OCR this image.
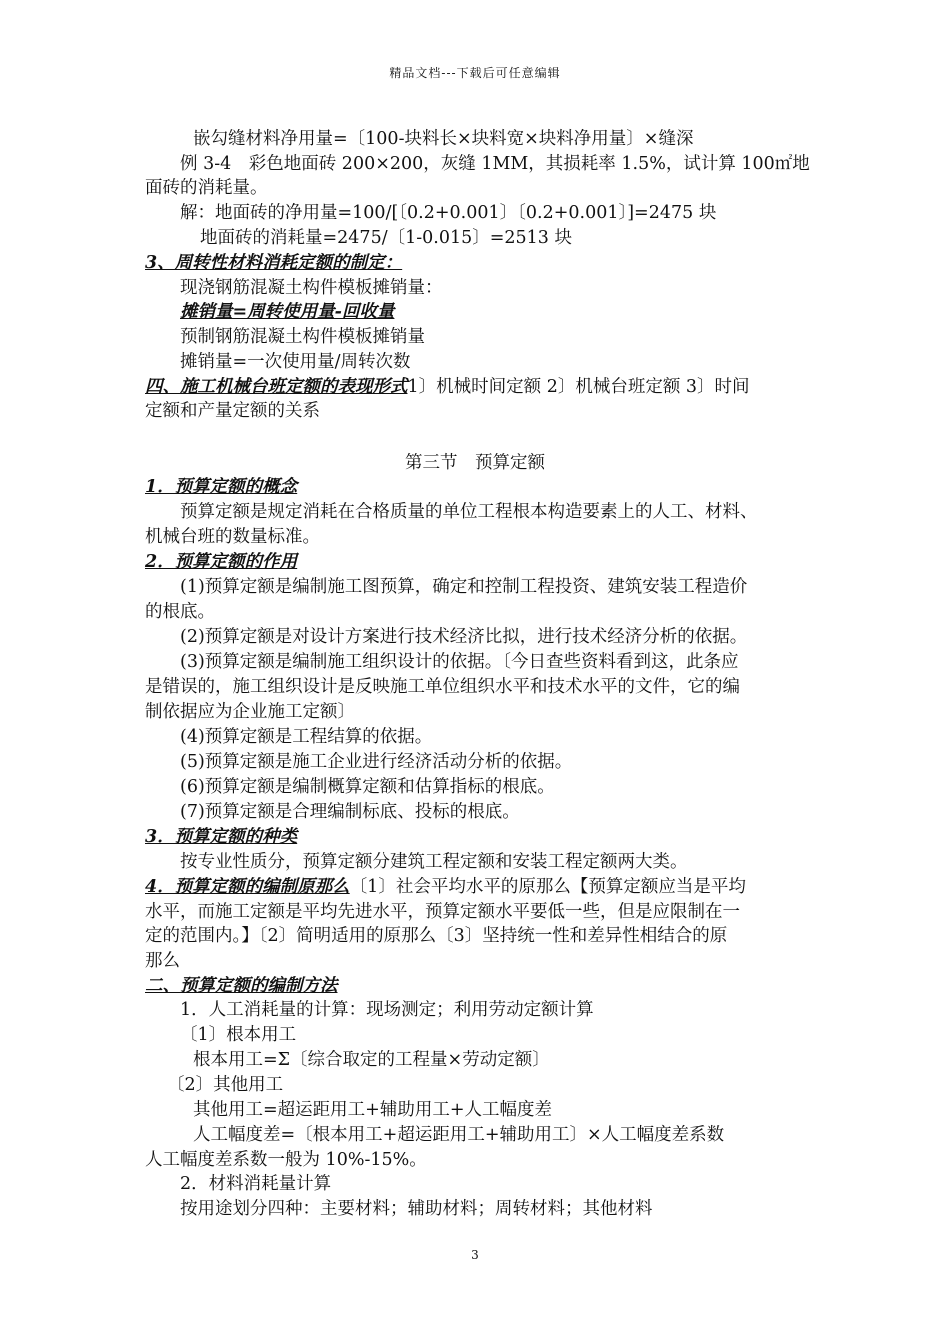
精品文档---下载后可任意编辑
嵌勾缝材料净用量=〔100-块料长×块料宽×块料净用量〕×缝深
例 3-4　彩色地面砖 200×200，灰缝 1MM，其损耗率 1.5%，试计算 100㎡地
面砖的消耗量。
解：地面砖的净用量=100/[〔0.2+0.001〕〔0.2+0.001〕]=2475 块
地面砖的消耗量=2475/〔1-0.015〕=2513 块
3、周转性材料消耗定额的制定：
现浇钢筋混凝土构件模板摊销量：
摊销量=周转使用量-回收量
预制钢筋混凝土构件模板摊销量
摊销量=一次使用量/周转次数
四、施工机械台班定额的表现形式1〕机械时间定额 2〕机械台班定额 3〕时间
定额和产量定额的关系
第三节　预算定额
1．预算定额的概念
预算定额是规定消耗在合格质量的单位工程根本构造要素上的人工、材料、
机械台班的数量标准。
2．预算定额的作用
(1)预算定额是编制施工图预算，确定和控制工程投资、建筑安装工程造价
的根底。
(2)预算定额是对设计方案进行技术经济比拟，进行技术经济分析的依据。
(3)预算定额是编制施工组织设计的依据。〔今日查些资料看到这，此条应
是错误的，施工组织设计是反映施工单位组织水平和技术水平的文件，它的编
制依据应为企业施工定额〕
(4)预算定额是工程结算的依据。
(5)预算定额是施工企业进行经济活动分析的依据。
(6)预算定额是编制概算定额和估算指标的根底。
(7)预算定额是合理编制标底、投标的根底。
3．预算定额的种类
按专业性质分，预算定额分建筑工程定额和安装工程定额两大类。
4．预算定额的编制原那么〔1〕社会平均水平的原那么【预算定额应当是平均
水平，而施工定额是平均先进水平，预算定额水平要低一些，但是应限制在一
定的范围内。】〔2〕简明适用的原那么〔3〕坚持统一性和差异性相结合的原
那么
二、预算定额的编制方法
1．人工消耗量的计算：现场测定；利用劳动定额计算
〔1〕根本用工
根本用工=Σ〔综合取定的工程量×劳动定额〕
〔2〕其他用工
其他用工=超运距用工+辅助用工+人工幅度差
人工幅度差=〔根本用工+超运距用工+辅助用工〕×人工幅度差系数
人工幅度差系数一般为 10%-15%。
2．材料消耗量计算
按用途划分四种：主要材料；辅助材料；周转材料；其他材料
3
